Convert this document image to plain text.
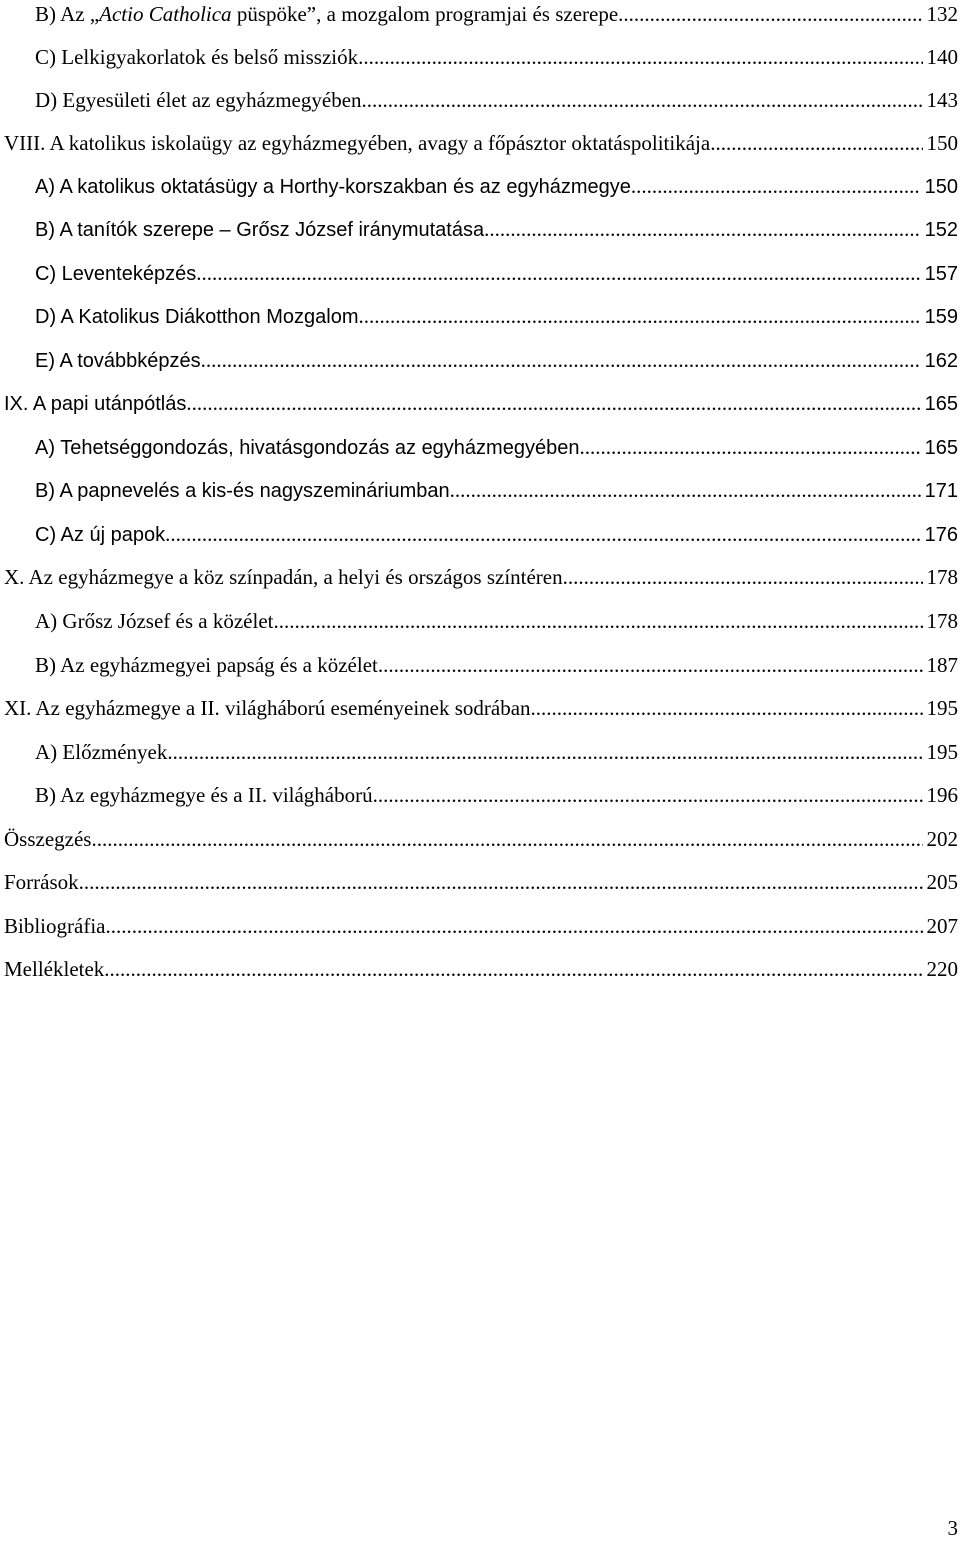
B) Az „Actio Catholica püspöke”, a mozgalom programjai és szerepe .....	132
C) Lelkigyakorlatok és belső missziók .....	140
D) Egyesületi élet az egyházmegyében .....	143
VIII. A katolikus iskolaügy az egyházmegyében, avagy a főpásztor oktatáspolitikája .....	150
A) A katolikus oktatásügy a Horthy-korszakban és az egyházmegye .....	150
B) A tanítók szerepe – Grősz József iránymutatása .....	152
C) Leventeképzés .....	157
D) A Katolikus Diákotthon Mozgalom .....	159
E) A továbbképzés .....	162
IX. A papi utánpótlás .....	165
A) Tehetséggondozás, hivatásgondozás az egyházmegyében .....	165
B) A papnevelés a kis-és nagyszemináriumban .....	171
C) Az új papok .....	176
X. Az egyházmegye a köz színpadán, a helyi és országos színtéren .....	178
A) Grősz József és a közélet .....	178
B) Az egyházmegyei papság és a közélet .....	187
XI. Az egyházmegye a II. világháború eseményeinek sodrában .....	195
A) Előzmények .....	195
B) Az egyházmegye és a II. világháború .....	196
Összegzés .....	202
Források .....	205
Bibliográfia .....	207
Mellékletek .....	220
3
